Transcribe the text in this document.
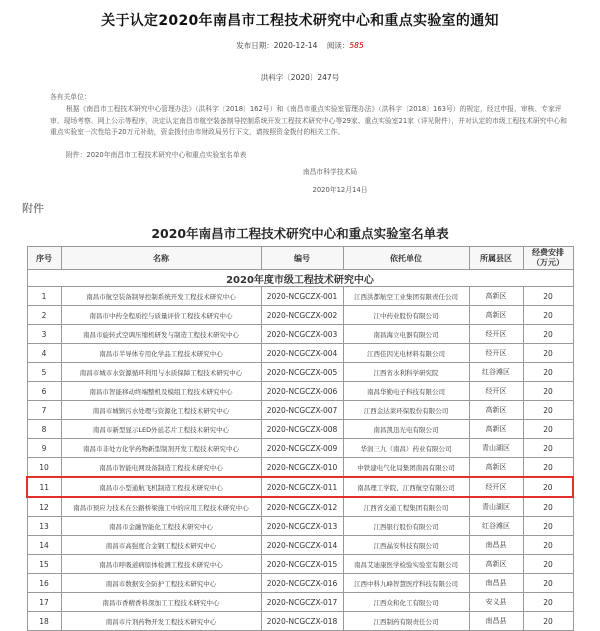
关于认定2020年南昌市工程技术研究中心和重点实验室的通知
发布日期：2020-12-14 阅读：585
洪科字〔2020〕247号
各有关单位：
根据《南昌市工程技术研究中心管理办法》（洪科字〔2018〕162号）和《南昌市重点实验室管理办法》（洪科字〔2018〕163号）的规定，经过申报、审核、专家评审、现场考察、网上公示等程序，决定认定南昌市航空装备制导控制系统开发工程技术研究中心等29家、重点实验室21家（详见附件），并对认定的市级工程技术研究中心和重点实验室一次性给予20万元补助，资金拨付由市财政局另行下文，请按照资金拨付的相关工作。
附件：2020年南昌市工程技术研究中心和重点实验室名单表
南昌市科学技术局
2020年12月14日
附件
2020年南昌市工程技术研究中心和重点实验室名单表
序号	名称	编号	依托单位	所属县区	经费安排（万元）
2020年度市级工程技术研究中心					
1	南昌市航空装备制导控制系统开发工程技术研究中心	2020-NCGCZX-001	江西洪都航空工业集团有限责任公司	高新区	20
2	南昌市中药全程质控与质量评价工程技术研究中心	2020-NCGCZX-002	江中药业股份有限公司	高新区	20
3	南昌市旋转式空调压缩机研发与制造工程技术研究中心	2020-NCGCZX-003	南昌海立电器有限公司	经开区	20
4	南昌市半导体专用化学品工程技术研究中心	2020-NCGCZX-004	江西佳因光电材料有限公司	经开区	20
5	南昌市城市水资源循环利用与水质保障工程技术研究中心	2020-NCGCZX-005	江西省水利科学研究院	红谷滩区	20
6	南昌市智能移动终端整机及模组工程技术研究中心	2020-NCGCZX-006	南昌华勤电子科技有限公司	经开区	20
7	南昌市城镇污水处理与资源化工程技术研究中心	2020-NCGCZX-007	江西金达莱环保股份有限公司	高新区	20
8	南昌市新型显示LED外延芯片工程技术研究中心	2020-NCGCZX-008	南昌凯迅光电有限公司	高新区	20
9	南昌市非处方化学药物新型制剂开发工程技术研究中心	2020-NCGCZX-009	华润三九（南昌）药业有限公司	青山湖区	20
10	南昌市智能电网设备制造工程技术研究中心	2020-NCGCZX-010	中铁建电气化局集团南昌有限公司	高新区	20
11	南昌市小型通航飞机制造工程技术研究中心	2020-NCGCZX-011	南昌理工学院、江西航空有限公司	经开区	20
12	南昌市预应力技术在公路桥梁施工中的应用工程技术研究中心	2020-NCGCZX-012	江西省交通工程集团有限公司	青山湖区	20
13	南昌市金融智能化工程技术研究中心	2020-NCGCZX-013	江西银行股份有限公司	红谷滩区	20
14	南昌市高强度合金钢工程技术研究中心	2020-NCGCZX-014	江西晶安科技有限公司	南昌县	20
15	南昌市呼吸道病原体检测工程技术研究中心	2020-NCGCZX-015	南昌艾迪康医学检验实验室有限公司	高新区	20
16	南昌市数据安全防护工程技术研究中心	2020-NCGCZX-016	江西中科九峰智慧医疗科技有限公司	南昌县	20
17	南昌市香精香料深加工工程技术研究中心	2020-NCGCZX-017	江西众和化工有限公司	安义县	20
18	南昌市片剂药物开发工程技术研究中心	2020-NCGCZX-018	江西制药有限责任公司	南昌县	20
